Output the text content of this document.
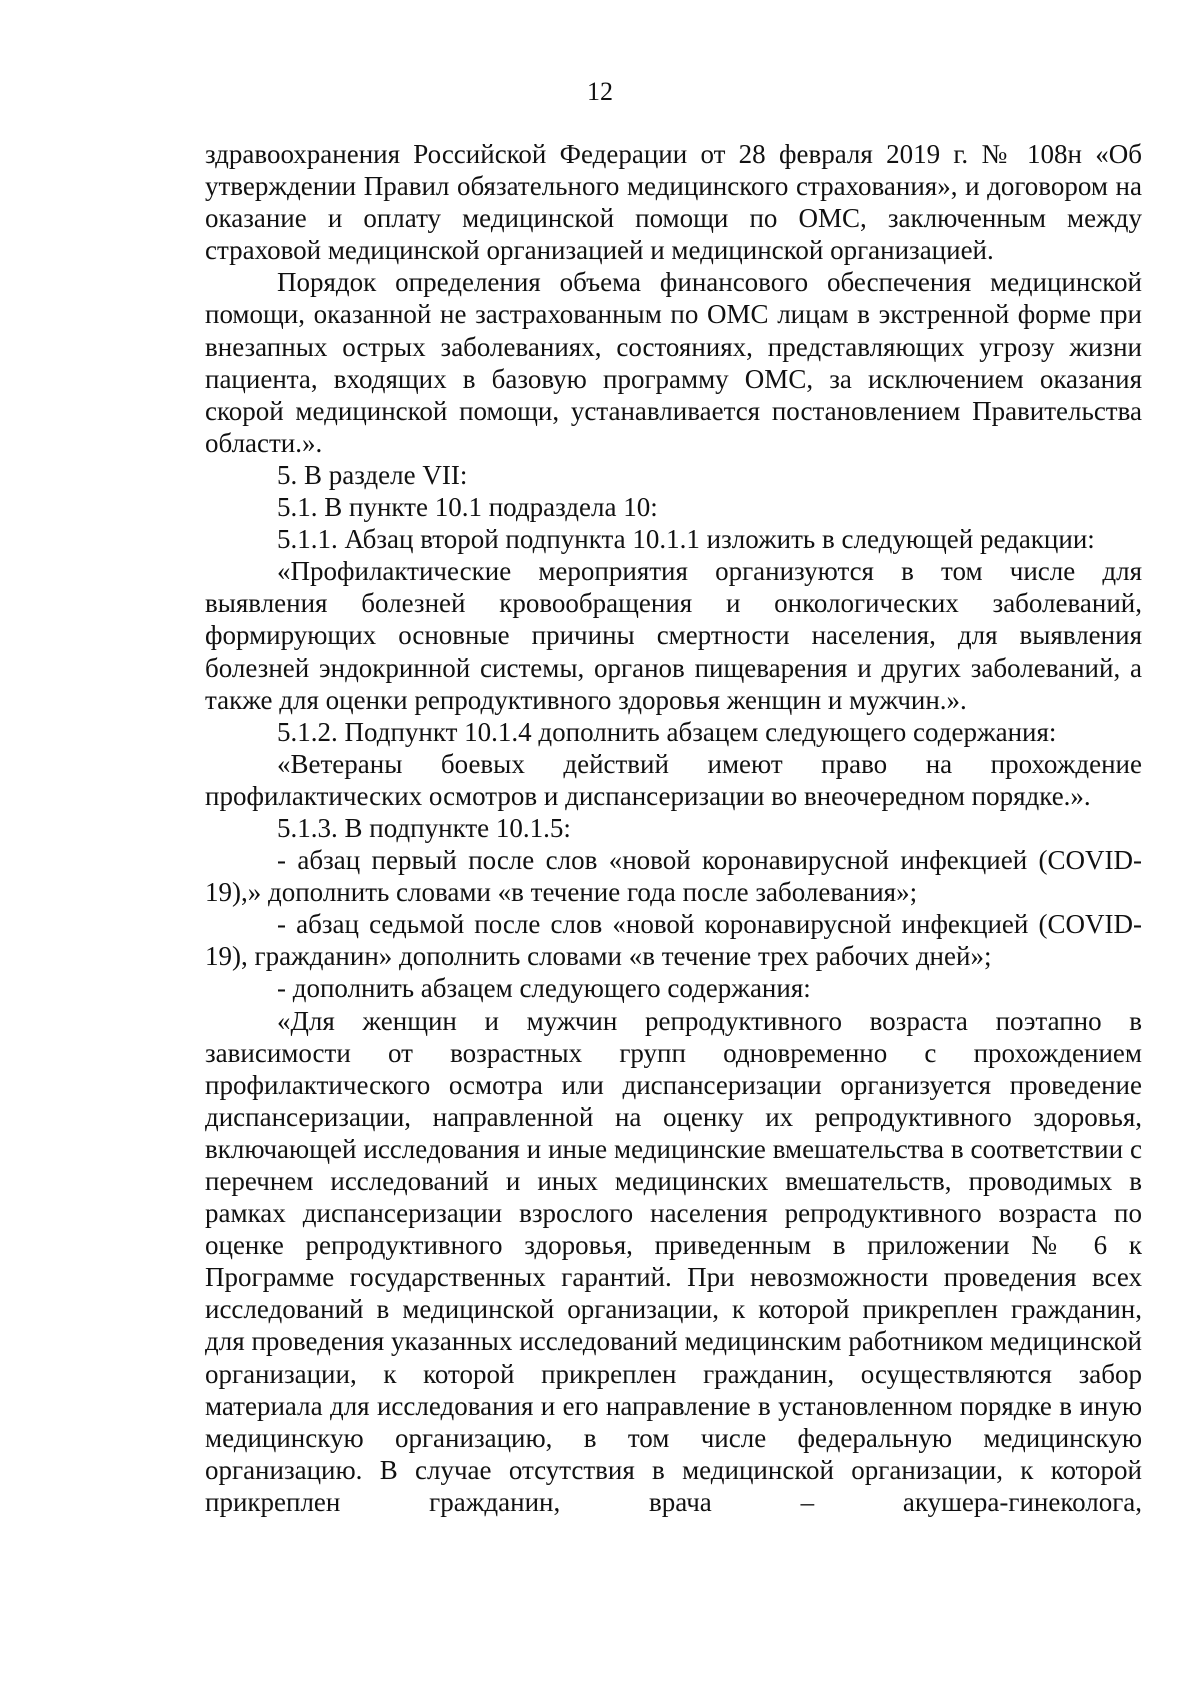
12

здравоохранения Российской Федерации от 28 февраля 2019 г. № 108н «Об утверждении Правил обязательного медицинского страхования», и договором на оказание и оплату медицинской помощи по ОМС, заключенным между страховой медицинской организацией и медицинской организацией.

Порядок определения объема финансового обеспечения медицинской помощи, оказанной не застрахованным по ОМС лицам в экстренной форме при внезапных острых заболеваниях, состояниях, представляющих угрозу жизни пациента, входящих в базовую программу ОМС, за исключением оказания скорой медицинской помощи, устанавливается постановлением Правительства области.».

5. В разделе VII:

5.1. В пункте 10.1 подраздела 10:

5.1.1. Абзац второй подпункта 10.1.1 изложить в следующей редакции:

«Профилактические мероприятия организуются в том числе для выявления болезней кровообращения и онкологических заболеваний, формирующих основные причины смертности населения, для выявления болезней эндокринной системы, органов пищеварения и других заболеваний, а также для оценки репродуктивного здоровья женщин и мужчин.».

5.1.2. Подпункт 10.1.4 дополнить абзацем следующего содержания:

«Ветераны боевых действий имеют право на прохождение профилактических осмотров и диспансеризации во внеочередном порядке.».

5.1.3. В подпункте 10.1.5:

- абзац первый после слов «новой коронавирусной инфекцией (COVID-19),» дополнить словами «в течение года после заболевания»;

- абзац седьмой после слов «новой коронавирусной инфекцией (COVID-19), гражданин» дополнить словами «в течение трех рабочих дней»;

- дополнить абзацем следующего содержания:

«Для женщин и мужчин репродуктивного возраста поэтапно в зависимости от возрастных групп одновременно с прохождением профилактического осмотра или диспансеризации организуется проведение диспансеризации, направленной на оценку их репродуктивного здоровья, включающей исследования и иные медицинские вмешательства в соответствии с перечнем исследований и иных медицинских вмешательств, проводимых в рамках диспансеризации взрослого населения репродуктивного возраста по оценке репродуктивного здоровья, приведенным в приложении № 6 к Программе государственных гарантий. При невозможности проведения всех исследований в медицинской организации, к которой прикреплен гражданин, для проведения указанных исследований медицинским работником медицинской организации, к которой прикреплен гражданин, осуществляются забор материала для исследования и его направление в установленном порядке в иную медицинскую организацию, в том числе федеральную медицинскую организацию. В случае отсутствия в медицинской организации, к которой прикреплен гражданин, врача – акушера-гинеколога,
